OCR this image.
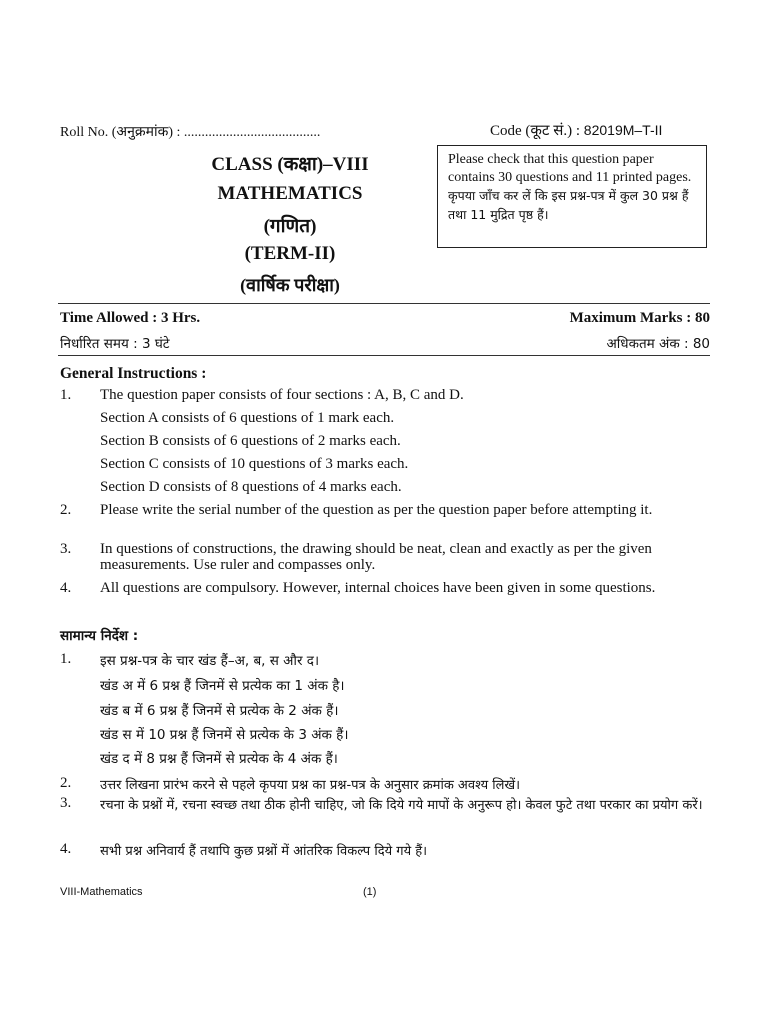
Roll No. (अनुक्रमांक) : .......................................	Code (कूट सं.) : 82019M–T-II
CLASS (कक्षा)–VIII
MATHEMATICS
(गणित)
(TERM-II)
(वार्षिक परीक्षा)

Please check that this question paper contains 30 questions and 11 printed pages.

कृपया जाँच कर लें कि इस प्रश्न-पत्र में कुल 30 प्रश्न हैं तथा 11 मुद्रित पृष्ठ हैं।

Time Allowed : 3 Hrs.	Maximum Marks : 80
निर्धारित समय : 3 घंटे	अधिकतम अंक : 80
General Instructions :
1. The question paper consists of four sections : A, B, C and D.
Section A consists of 6 questions of 1 mark each.
Section B consists of 6 questions of 2 marks each.
Section C consists of 10 questions of 3 marks each.
Section D consists of 8 questions of 4 marks each.
2. Please write the serial number of the question as per the question paper before attempting it.
3. In questions of constructions, the drawing should be neat, clean and exactly as per the given measurements. Use ruler and compasses only.
4. All questions are compulsory. However, internal choices have been given in some questions.
सामान्य निर्देश :
1. इस प्रश्न-पत्र के चार खंड हैं–अ, ब, स और द।
खंड अ में 6 प्रश्न हैं जिनमें से प्रत्येक का 1 अंक है।
खंड ब में 6 प्रश्न हैं जिनमें से प्रत्येक के 2 अंक हैं।
खंड स में 10 प्रश्न हैं जिनमें से प्रत्येक के 3 अंक हैं।
खंड द में 8 प्रश्न हैं जिनमें से प्रत्येक के 4 अंक हैं।
2. उत्तर लिखना प्रारंभ करने से पहले कृपया प्रश्न का प्रश्न-पत्र के अनुसार क्रमांक अवश्य लिखें।
3. रचना के प्रश्नों में, रचना स्वच्छ तथा ठीक होनी चाहिए, जो कि दिये गये मापों के अनुरूप हो। केवल फुटे तथा परकार का प्रयोग करें।
4. सभी प्रश्न अनिवार्य हैं तथापि कुछ प्रश्नों में आंतरिक विकल्प दिये गये हैं।
VIII-Mathematics	(1)
